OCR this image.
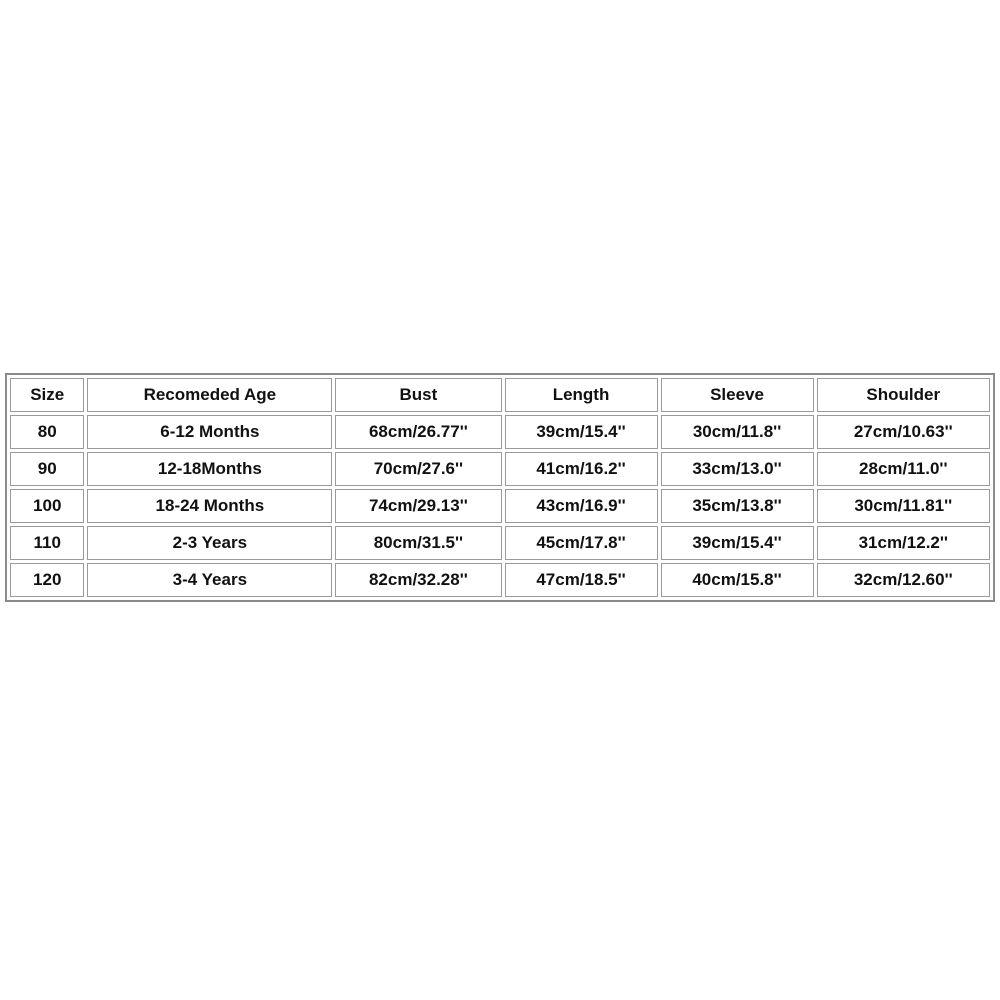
Size	Recomeded Age	Bust	Length	Sleeve	Shoulder
80	6-12 Months	68cm/26.77''	39cm/15.4''	30cm/11.8''	27cm/10.63''
90	12-18Months	70cm/27.6''	41cm/16.2''	33cm/13.0''	28cm/11.0''
100	18-24 Months	74cm/29.13''	43cm/16.9''	35cm/13.8''	30cm/11.81''
110	2-3 Years	80cm/31.5''	45cm/17.8''	39cm/15.4''	31cm/12.2''
120	3-4 Years	82cm/32.28''	47cm/18.5''	40cm/15.8''	32cm/12.60''
